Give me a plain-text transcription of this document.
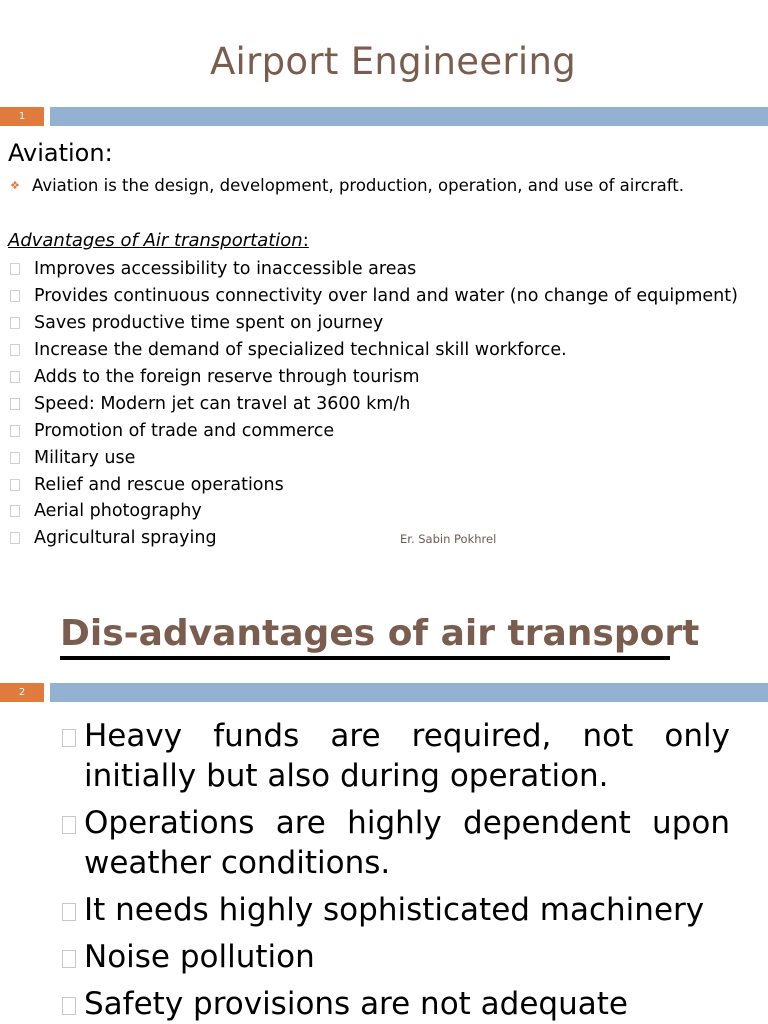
Airport Engineering
1
Aviation:
❖ Aviation is the design, development, production, operation, and use of aircraft.
Advantages of Air transportation:
Improves accessibility to inaccessible areas
Provides continuous connectivity over land and water (no change of equipment)
Saves productive time spent on journey
Increase the demand of specialized technical skill workforce.
Adds to the foreign reserve through tourism
Speed: Modern jet can travel at 3600 km/h
Promotion of trade and commerce
Military use
Relief and rescue operations
Aerial photography
Agricultural spraying	Er. Sabin Pokhrel
Dis-advantages of air transport
2
Heavy funds are required, not only initially but also during operation.
Operations are highly dependent upon weather conditions.
It needs highly sophisticated machinery
Noise pollution
Safety provisions are not adequate
